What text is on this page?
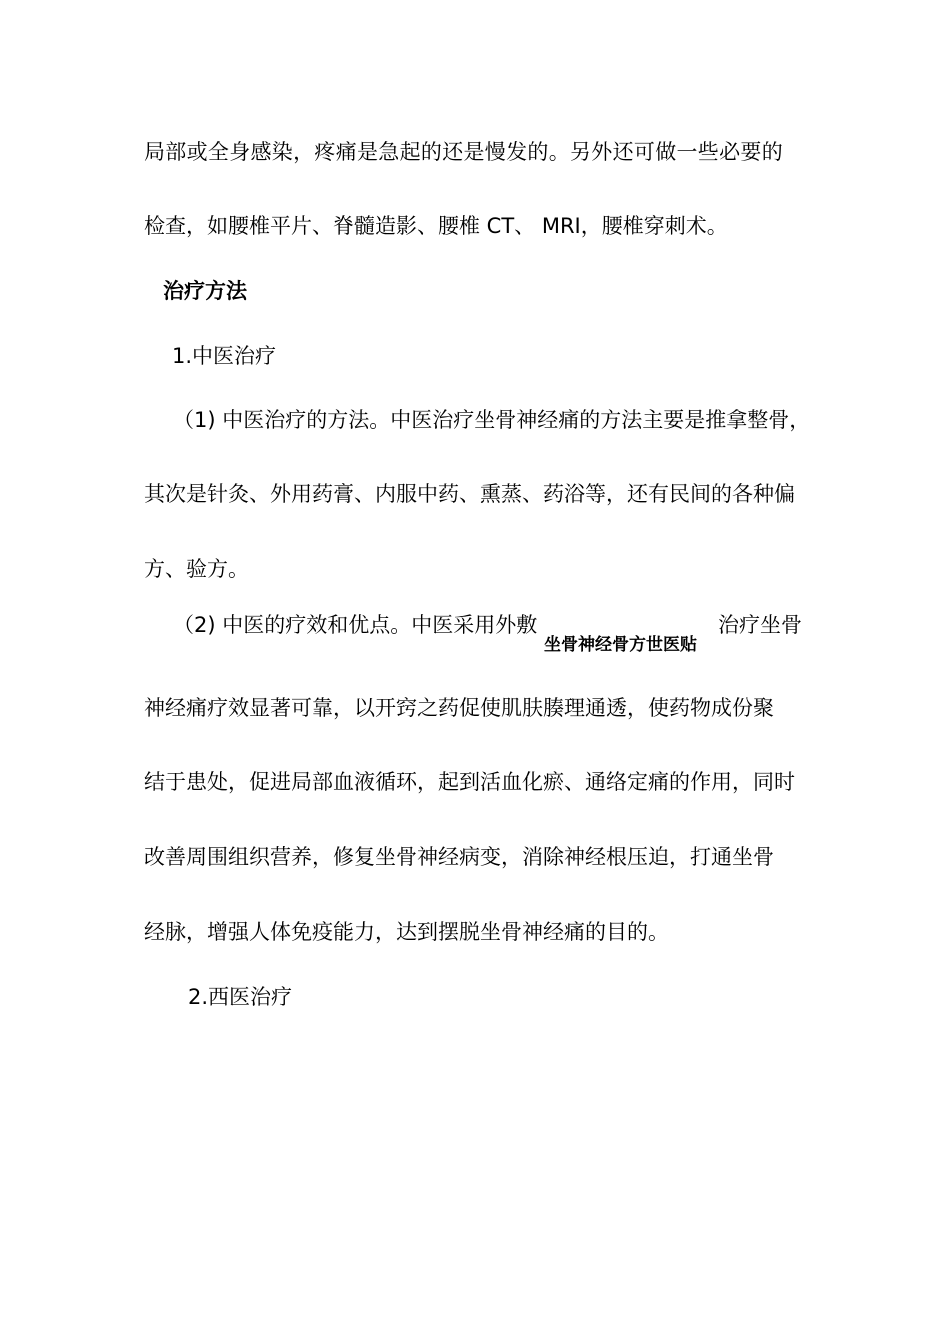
局部或全身感染，疼痛是急起的还是慢发的。另外还可做一些必要的
检查，如腰椎平片、脊髓造影、腰椎 CT、 MRI，腰椎穿刺术。
治疗方法
1.中医治疗
（1) 中医治疗的方法。中医治疗坐骨神经痛的方法主要是推拿整骨，
其次是针灸、外用药膏、内服中药、熏蒸、药浴等，还有民间的各种偏
方、验方。
（2) 中医的疗效和优点。中医采用外敷
坐骨神经骨方世医贴
治疗坐骨
神经痛疗效显著可靠，以开窍之药促使肌肤腠理通透，使药物成份聚
结于患处，促进局部血液循环，起到活血化瘀、通络定痛的作用，同时
改善周围组织营养，修复坐骨神经病变，消除神经根压迫，打通坐骨
经脉，增强人体免疫能力，达到摆脱坐骨神经痛的目的。
2.西医治疗
